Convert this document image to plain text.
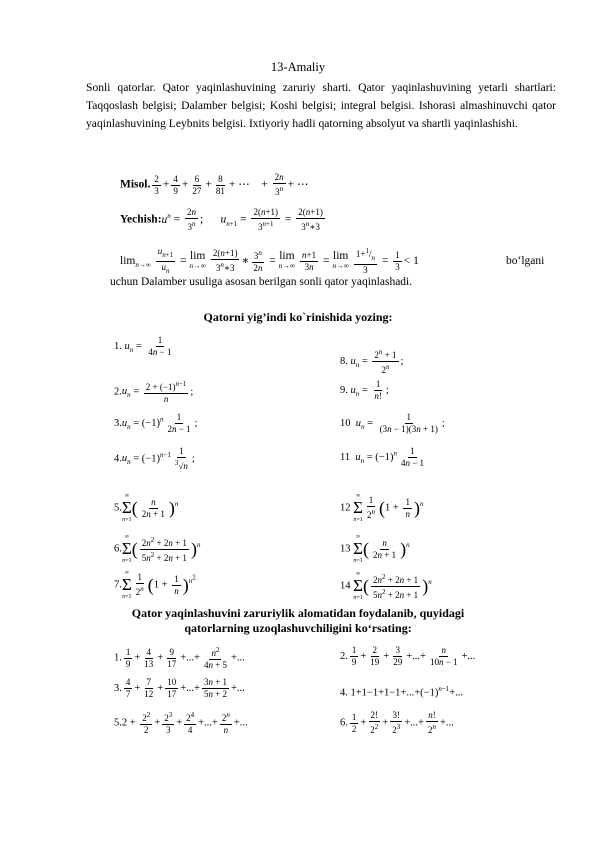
13-Amaliy
Sonli qatorlar. Qator yaqinlashuvining zaruriy sharti. Qator yaqinlashuvining yetarli shartlari: Taqqoslash belgisi; Dalamber belgisi; Koshi belgisi; integral belgisi. Ishorasi almashinuvchi qator yaqinlashuvining Leybnits belgisi. Ixtiyoriy hadli qatorning absolyut va shartli yaqinlashishi.
Misol. $\frac{2}{3} + \frac{4}{9} + \frac{6}{27} + \frac{8}{81}$ + ⋯    + $\frac{2n}{3^n}$ + ⋯
$Yechish:u^n = \frac{2n}{3^n}$ ;      $u_{n+1} = \frac{2(n+1)}{3^{n+1}} = \frac{2(n+1)}{3^n∗3}$
$\lim_{n\to\infty} \frac{u_{n+1}}{u_n} = \lim$
n→∞
$\frac{2(n+1)}{3^n∗3}$ ∗ $\frac{3^n}{2n} = \lim$
n→∞
$\frac{n+1}{3n} = \lim$
n→∞
$\frac{1+^1/_n}{3} = \frac{1}{3} < 1$	bo‘lgani
uchun Dalamber usuliga asosan berilgan sonli qator yaqinlashadi.
Qatorni yig’indi ko`rinishida yozing:
1. $u_n = \frac{1}{4n - 1}$
$2.u_n = \frac{2 + (-1)^{n-1}}{n}$ ;
$3.u_n = (-1)^n \frac{1}{2n - 1}$ ;
$4.u_n = (-1)^{n-1} \frac{1}{^3√n}$ ;
5.
∞
Σ
n=1
( $\frac{n}{2n + 1} )^n$
6.
∞
Σ
n=1
( $\frac{2n^2 + 2n + 1}{5n^2 + 2n + 1} )^n$
7.
∞
Σ
$n=1 \frac{1}{2^n} (1 + \frac{1}{n} )^{n^2}$
8. $u_n = \frac{2^n + 1}{2^n}$ ;
9. $u_n = \frac{1}{n!}$ ;
10 $u_n = \frac{1}{(3n - 1)(3n + 1)}$ ;
11 $u_n = (-1)^n \frac{1}{4n - 1}$
12
∞
Σ
$n=1 \frac{1}{2^n} (1 + \frac{1}{n} )^n$
13
∞
Σ
n=1
( $\frac{n}{2n + 1} )^n$
14
∞
Σ
n=1
( $\frac{2n^2 + 2n + 1}{5n^2 + 2n + 1} )^n$
Qator yaqinlashuvini zaruriylik alomatidan foydalanib, quyidagi
qatorlarning uzoqlashuvchiligini ko‘rsating:
1. $\frac{1}{9} + \frac{4}{13} + \frac{9}{17}$ +...+ $\frac{n^2}{4n + 5}$ +...	2. $\frac{1}{9} + \frac{2}{19} + \frac{3}{29}$ +...+ $\frac{n}{10n - 1}$ +...
3. $\frac{4}{7} + \frac{7}{12} + \frac{10}{17}$ +...+ $\frac{3n + 1}{5n + 2}$ +...	4. $1+1-1+1-1+...+(-1)^{n-1}+$...
$5.2 + \frac{2^2}{2} + \frac{2^3}{3} + \frac{2^4}{4}$ +...+ $\frac{2^n}{n}$ +...	6. $\frac{1}{2} + \frac{2!}{2^2} + \frac{3!}{2^3}$ +...+ $\frac{n!}{2^n}$ +...
